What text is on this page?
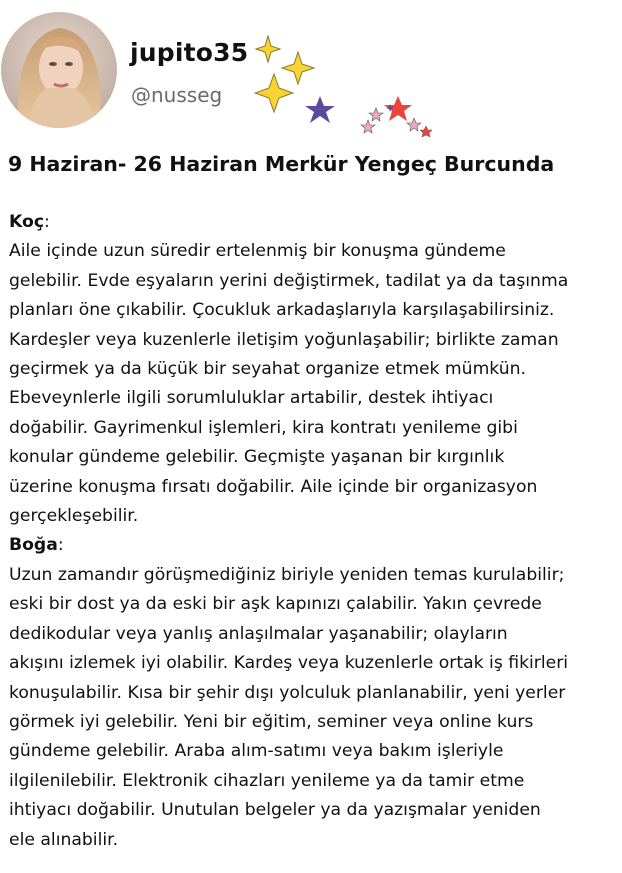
jupito35
@nusseg
9 Haziran- 26 Haziran Merkür Yengeç Burcunda
Koç:
Aile içinde uzun süredir ertelenmiş bir konuşma gündeme
gelebilir. Evde eşyaların yerini değiştirmek, tadilat ya da taşınma
planları öne çıkabilir. Çocukluk arkadaşlarıyla karşılaşabilirsiniz.
Kardeşler veya kuzenlerle iletişim yoğunlaşabilir; birlikte zaman
geçirmek ya da küçük bir seyahat organize etmek mümkün.
Ebeveynlerle ilgili sorumluluklar artabilir, destek ihtiyacı
doğabilir. Gayrimenkul işlemleri, kira kontratı yenileme gibi
konular gündeme gelebilir. Geçmişte yaşanan bir kırgınlık
üzerine konuşma fırsatı doğabilir. Aile içinde bir organizasyon
gerçekleşebilir.
Boğa:
Uzun zamandır görüşmediğiniz biriyle yeniden temas kurulabilir;
eski bir dost ya da eski bir aşk kapınızı çalabilir. Yakın çevrede
dedikodular veya yanlış anlaşılmalar yaşanabilir; olayların
akışını izlemek iyi olabilir. Kardeş veya kuzenlerle ortak iş fikirleri
konuşulabilir. Kısa bir şehir dışı yolculuk planlanabilir, yeni yerler
görmek iyi gelebilir. Yeni bir eğitim, seminer veya online kurs
gündeme gelebilir. Araba alım-satımı veya bakım işleriyle
ilgilenilebilir. Elektronik cihazları yenileme ya da tamir etme
ihtiyacı doğabilir. Unutulan belgeler ya da yazışmalar yeniden
ele alınabilir.
